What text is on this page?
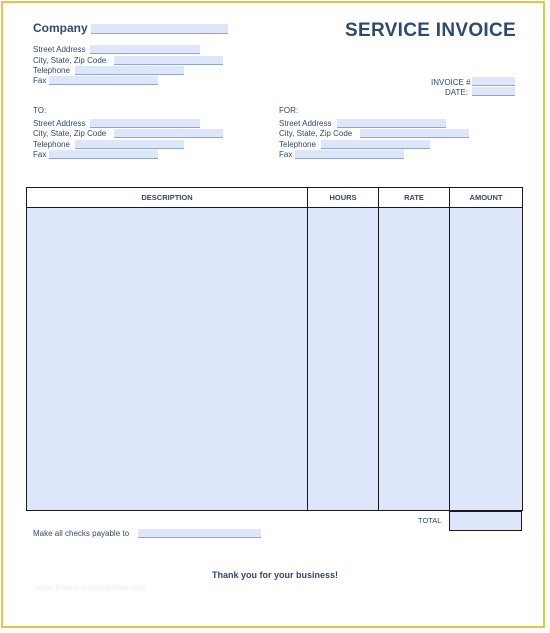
Company	SERVICE INVOICE
Street Address
City, State, Zip Code
Telephone
Fax	INVOICE #
DATE:
TO:
Street Address
City, State, Zip Code
Telephone
Fax
FOR:
Street Address
City, State, Zip Code
Telephone
Fax
DESCRIPTION	HOURS	RATE	AMOUNT

TOTAL
Make all checks payable to
Thank you for your business!
www.freeinvoicetemplates.com
